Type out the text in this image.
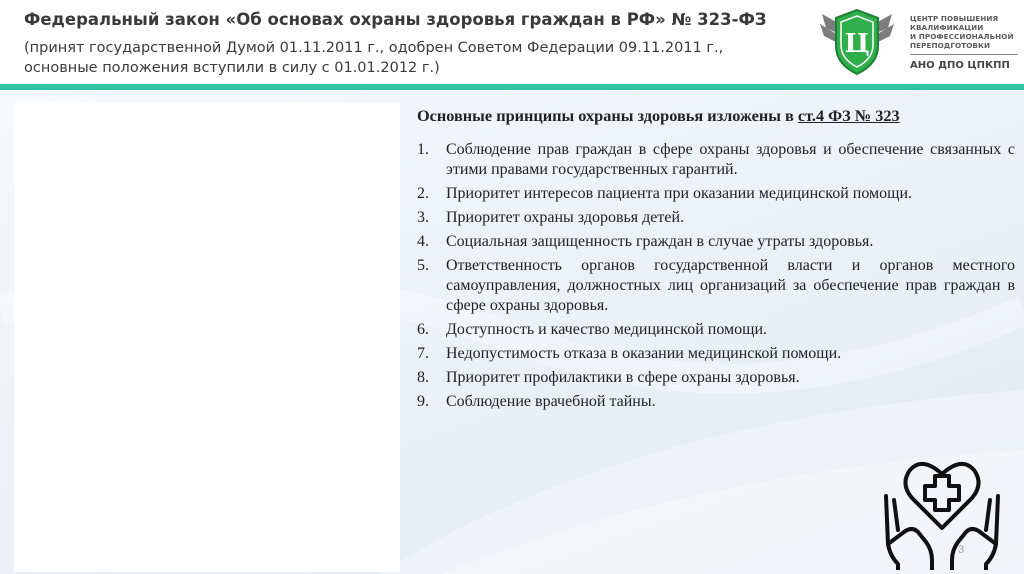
Федеральный закон «Об основах охраны здоровья граждан в РФ» № 323-ФЗ
(принят государственной Думой 01.11.2011 г., одобрен Советом Федерации 09.11.2011 г., основные положения вступили в силу с 01.01.2012 г.)
Ц
ЦЕНТР ПОВЫШЕНИЯ
КВАЛИФИКАЦИИ
И ПРОФЕССИОНАЛЬНОЙ
ПЕРЕПОДГОТОВКИ
АНО ДПО ЦПКПП
Основные принципы охраны здоровья изложены в ст.4 ФЗ № 323
1.	Соблюдение прав граждан в сфере охраны здоровья и обеспечение связанных с этими правами государственных гарантий.
2.	Приоритет интересов пациента при оказании медицинской помощи.
3.	Приоритет охраны здоровья детей.
4.	Социальная защищенность граждан в случае утраты здоровья.
5.	Ответственность органов государственной власти и органов местного самоуправления, должностных лиц организаций за обеспечение прав граждан в сфере охраны здоровья.
6.	Доступность и качество медицинской помощи.
7.	Недопустимость отказа в оказании медицинской помощи.
8.	Приоритет профилактики в сфере охраны здоровья.
9.	Соблюдение врачебной тайны.
3
